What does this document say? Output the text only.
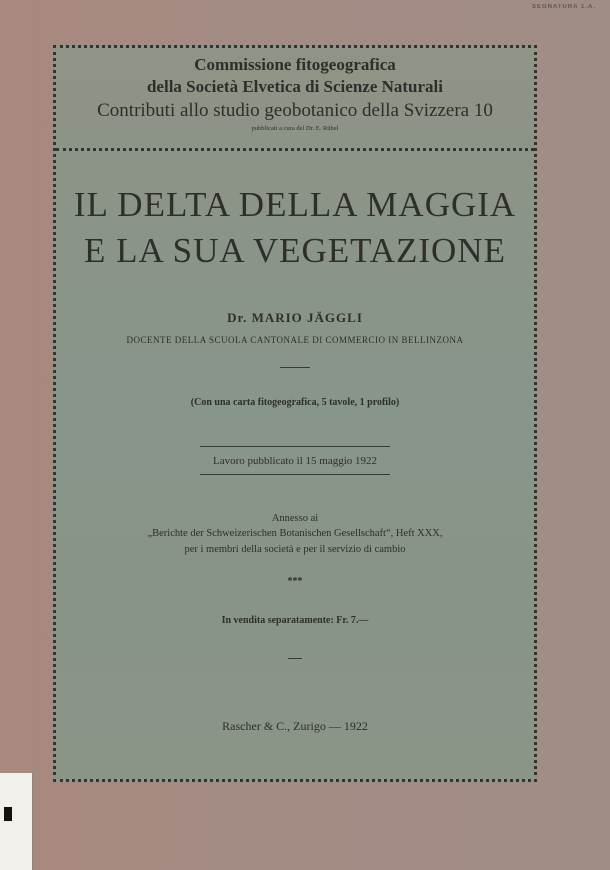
SEGNATURA 1.A.
Commissione fitogeografica
della Società Elvetica di Scienze Naturali
Contributi allo studio geobotanico della Svizzera 10
pubblicati a cura del Dr. E. Rübel
IL DELTA DELLA MAGGIA
E LA SUA VEGETAZIONE
Dr. MARIO JÄGGLI
DOCENTE DELLA SCUOLA CANTONALE DI COMMERCIO IN BELLINZONA
(Con una carta fitogeografica, 5 tavole, 1 profilo)
Lavoro pubblicato il 15 maggio 1922
Annesso ai
„Berichte der Schweizerischen Botanischen Gesellschaft“, Heft XXX,
per i membri della società e per il servizio di cambio
***
In vendita separatamente: Fr. 7.—
Rascher & C., Zurigo — 1922
